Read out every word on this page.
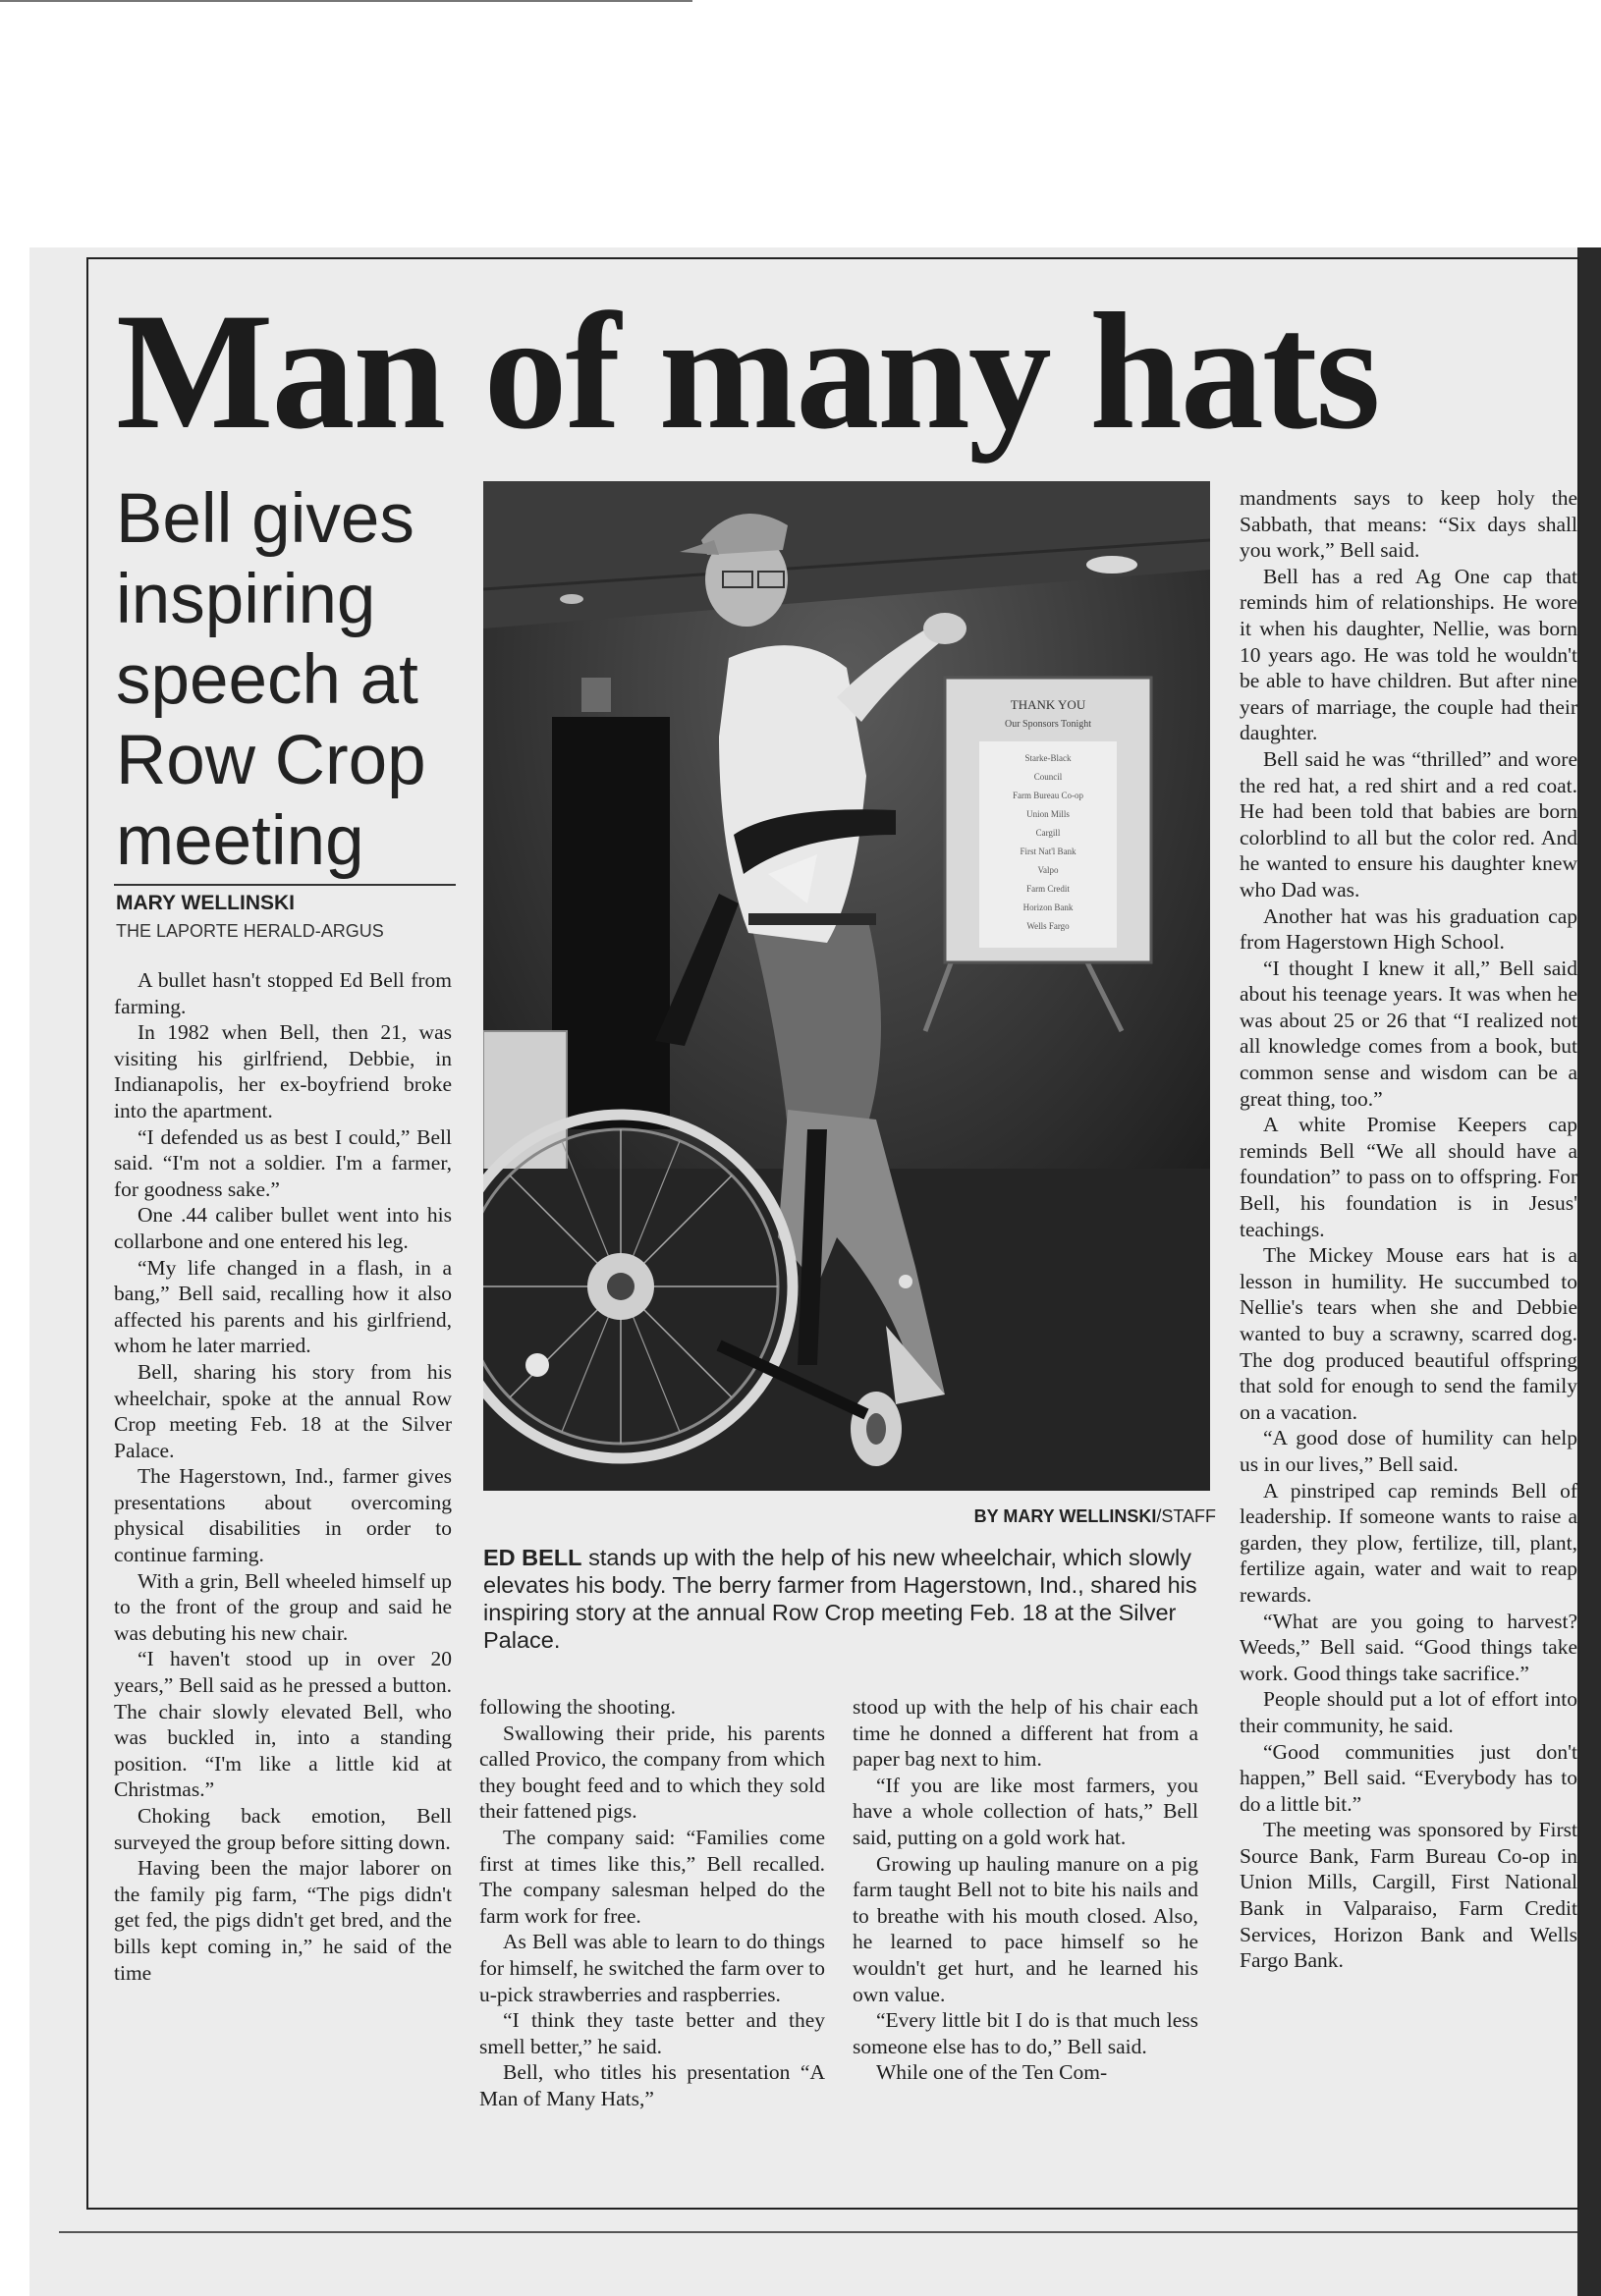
Man of many hats
Bell gives inspiring speech at Row Crop meeting
MARY WELLINSKI
THE LAPORTE HERALD-ARGUS

A bullet hasn't stopped Ed Bell from farming.

In 1982 when Bell, then 21, was visiting his girlfriend, Debbie, in Indianapolis, her ex-boyfriend broke into the apartment.

“I defended us as best I could,” Bell said. “I'm not a soldier. I'm a farmer, for goodness sake.”

One .44 caliber bullet went into his collarbone and one entered his leg.

“My life changed in a flash, in a bang,” Bell said, recalling how it also affected his parents and his girlfriend, whom he later married.

Bell, sharing his story from his wheelchair, spoke at the annual Row Crop meeting Feb. 18 at the Silver Palace.

The Hagerstown, Ind., farmer gives presentations about overcoming physical disabilities in order to continue farming.

With a grin, Bell wheeled himself up to the front of the group and said he was debuting his new chair.

“I haven't stood up in over 20 years,” Bell said as he pressed a button. The chair slowly elevated Bell, who was buckled in, into a standing position. “I'm like a little kid at Christmas.”

Choking back emotion, Bell surveyed the group before sitting down.

Having been the major laborer on the family pig farm, “The pigs didn't get fed, the pigs didn't get bred, and the bills kept coming in,” he said of the time

THANK YOU
Our Sponsors Tonight
Starke-Black
Council
Farm Bureau Co-op
Union Mills
Cargill
First Nat'l Bank
Valpo
Farm Credit
Horizon Bank
Wells Fargo
BY MARY WELLINSKI/STAFF
ED BELL stands up with the help of his new wheelchair, which slowly elevates his body. The berry farmer from Hagerstown, Ind., shared his inspiring story at the annual Row Crop meeting Feb. 18 at the Silver Palace.

following the shooting.

Swallowing their pride, his parents called Provico, the company from which they bought feed and to which they sold their fattened pigs.

The company said: “Families come first at times like this,” Bell recalled. The company salesman helped do the farm work for free.

As Bell was able to learn to do things for himself, he switched the farm over to u-pick strawberries and raspberries.

“I think they taste better and they smell better,” he said.

Bell, who titles his presentation “A Man of Many Hats,”

stood up with the help of his chair each time he donned a different hat from a paper bag next to him.

“If you are like most farmers, you have a whole collection of hats,” Bell said, putting on a gold work hat.

Growing up hauling manure on a pig farm taught Bell not to bite his nails and to breathe with his mouth closed. Also, he learned to pace himself so he wouldn't get hurt, and he learned his own value.

“Every little bit I do is that much less someone else has to do,” Bell said.

While one of the Ten Com-

mandments says to keep holy the Sabbath, that means: “Six days shall you work,” Bell said.

Bell has a red Ag One cap that reminds him of relationships. He wore it when his daughter, Nellie, was born 10 years ago. He was told he wouldn't be able to have children. But after nine years of marriage, the couple had their daughter.

Bell said he was “thrilled” and wore the red hat, a red shirt and a red coat. He had been told that babies are born colorblind to all but the color red. And he wanted to ensure his daughter knew who Dad was.

Another hat was his graduation cap from Hagerstown High School.

“I thought I knew it all,” Bell said about his teenage years. It was when he was about 25 or 26 that “I realized not all knowledge comes from a book, but common sense and wisdom can be a great thing, too.”

A white Promise Keepers cap reminds Bell “We all should have a foundation” to pass on to offspring. For Bell, his foundation is in Jesus' teachings.

The Mickey Mouse ears hat is a lesson in humility. He succumbed to Nellie's tears when she and Debbie wanted to buy a scrawny, scarred dog. The dog produced beautiful offspring that sold for enough to send the family on a vacation.

“A good dose of humility can help us in our lives,” Bell said.

A pinstriped cap reminds Bell of leadership. If someone wants to raise a garden, they plow, fertilize, till, plant, fertilize again, water and wait to reap rewards.

“What are you going to harvest? Weeds,” Bell said. “Good things take work. Good things take sacrifice.”

People should put a lot of effort into their community, he said.

“Good communities just don't happen,” Bell said. “Everybody has to do a little bit.”

The meeting was sponsored by First Source Bank, Farm Bureau Co-op in Union Mills, Cargill, First National Bank in Valparaiso, Farm Credit Services, Horizon Bank and Wells Fargo Bank.
